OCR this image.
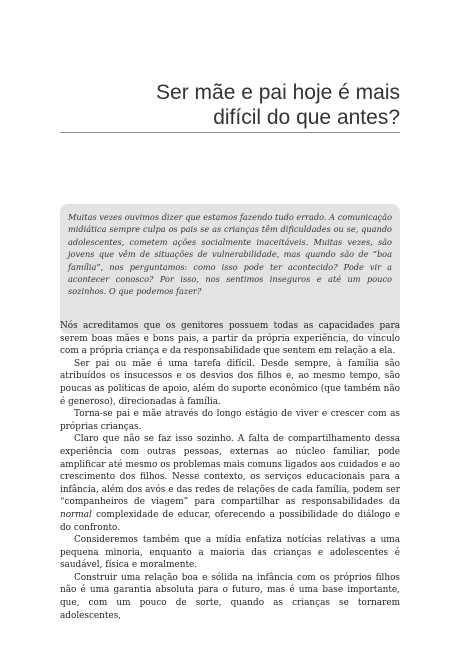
Ser mãe e pai hoje é mais
difícil do que antes?

Muitas vezes ouvimos dizer que estamos fazendo tudo errado. A comunicação midiática sempre culpa os pais se as crianças têm dificuldades ou se, quando adolescentes, cometem ações socialmente inaceitáveis. Muitas vezes, são jovens que vêm de situações de vulnerabilidade, mas quando são de “boa família”, nos perguntamos: como isso pode ter acontecido? Pode vir a acontecer conosco? Por isso, nos sentimos inseguros e até um pouco sozinhos. O que podemos fazer?

Nós acreditamos que os genitores possuem todas as capacidades para serem boas mães e bons pais, a partir da própria experiência, do vínculo com a própria criança e da responsabilidade que sentem em relação a ela.

Ser pai ou mãe é uma tarefa difícil. Desde sempre, à família são atribuídos os insucessos e os desvios dos filhos e, ao mesmo tempo, são poucas as políticas de apoio, além do suporte econômico (que também não é generoso), direcionadas à família.

Torna-se pai e mãe através do longo estágio de viver e crescer com as próprias crianças.

Claro que não se faz isso sozinho. A falta de compartilhamento dessa experiência com outras pessoas, externas ao núcleo familiar, pode amplificar até mesmo os problemas mais comuns ligados aos cuidados e ao crescimento dos filhos. Nesse contexto, os serviços educacionais para a infância, além dos avós e das redes de relações de cada família, podem ser “companheiros de viagem” para compartilhar as responsabilidades da normal complexidade de educar, oferecendo a possibilidade do diálogo e do confronto.

Consideremos também que a mídia enfatiza notícias relativas a uma pequena minoria, enquanto a maioria das crianças e adolescentes é saudável, física e moralmente.

Construir uma relação boa e sólida na infância com os próprios filhos não é uma garantia absoluta para o futuro, mas é uma base importante, que, com um pouco de sorte, quando as crianças se tornarem adolescentes,
